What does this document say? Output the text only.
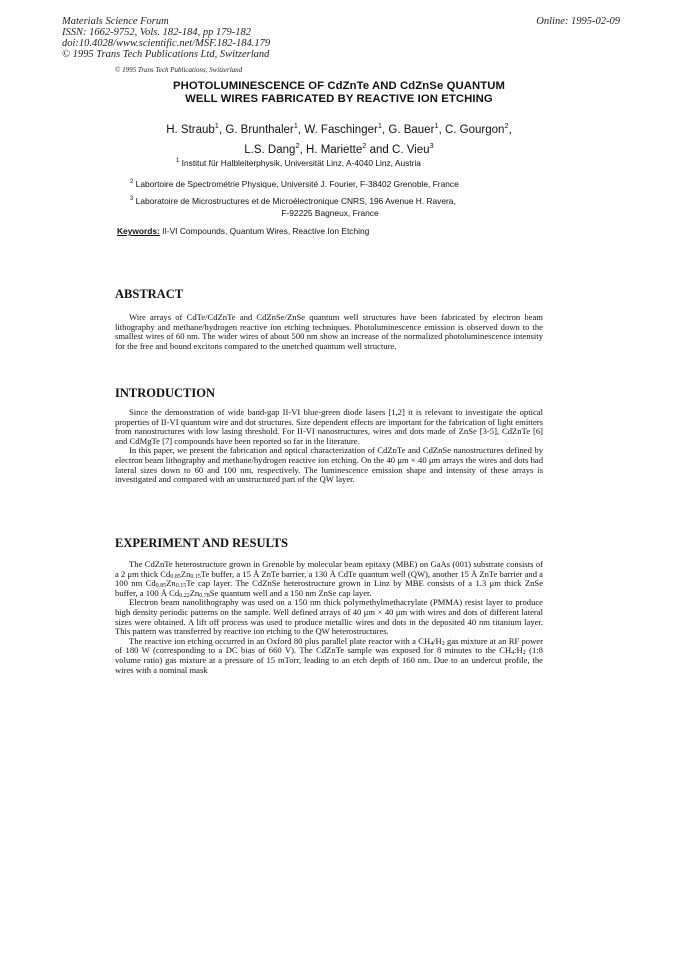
Materials Science Forum
ISSN: 1662-9752, Vols. 182-184, pp 179-182
doi:10.4028/www.scientific.net/MSF.182-184.179
© 1995 Trans Tech Publications Ltd, Switzerland
Online: 1995-02-09
© 1995 Trans Tech Publications, Switzerland
PHOTOLUMINESCENCE OF CdZnTe AND CdZnSe QUANTUM
WELL WIRES FABRICATED BY REACTIVE ION ETCHING
H. Straub$^1$, G. Brunthaler$^1$, W. Faschinger$^1$, G. Bauer$^1$, C. Gourgon$^2$,
L.S. Dang$^2$, H. Mariette$^2$ and C. Vieu$^3$
$^1$ Institut für Halbleiterphysik, Universität Linz, A-4040 Linz, Austria
$^2$ Labortoire de Spectrométrie Physique, Université J. Fourier, F-38402 Grenoble, France
$^3$ Laboratoire de Microstructures et de Microélectronique CNRS, 196 Avenue H. Ravera,
F-92225 Bagneux, France
Keywords: II-VI Compounds, Quantum Wires, Reactive Ion Etching
ABSTRACT

Wire arrays of CdTe/CdZnTe and CdZnSe/ZnSe quantum well structures have been fabricated by electron beam lithography and methane/hydrogen reactive ion etching techniques. Photoluminescence emission is observed down to the smallest wires of 60 nm. The wider wires of about 500 nm show an increase of the normalized photoluminescence intensity for the free and bound excitons compared to the unetched quantum well structure.

INTRODUCTION

Since the demonstration of wide band-gap II-VI blue-green diode lasers [1,2] it is relevant to investigate the optical properties of II-VI quantum wire and dot structures. Size dependent effects are important for the fabrication of light emitters from nanostructures with low lasing threshold. For II-VI nanostructures, wires and dots made of ZnSe [3-5], CdZnTe [6] and CdMgTe [7] compounds have been reported so far in the literature.

In this paper, we present the fabrication and optical characterization of CdZnTe and CdZnSe nanostructures defined by electron beam lithography and methane/hydrogen reactive ion etching. On the 40 μm × 40 μm arrays the wires and dots had lateral sizes down to 60 and 100 nm, respectively. The luminescence emission shape and intensity of these arrays is investigated and compared with an unstructured part of the QW layer.

EXPERIMENT AND RESULTS

The CdZnTe heterostructure grown in Grenoble by molecular beam epitaxy (MBE) on GaAs (001) substrate consists of a 2 μm thick $Cd_{0.85}Zn_{0.15}Te$ buffer, a 15 Å ZnTe barrier, a 130 Å CdTe quantum well (QW), another 15 Å ZnTe barrier and a 100 nm $Cd_{0.85}Zn_{0.15}Te$ cap layer. The CdZnSe heterostructure grown in Linz by MBE consists of a 1.3 μm thick ZnSe buffer, a 100 Å $Cd_{0.22}Zn_{0.78}Se$ quantum well and a 150 nm ZnSe cap layer.

Electron beam nanolithography was used on a 150 nm thick polymethylmethacrylate (PMMA) resist layer to produce high density periodic patterns on the sample. Well defined arrays of 40 μm × 40 μm with wires and dots of different lateral sizes were obtained. A lift off process was used to produce metallic wires and dots in the deposited 40 nm titanium layer. This pattern was transferred by reactive ion etching to the QW heterostructures.

The reactive ion etching occurred in an Oxford 80 plus parallel plate reactor with a $CH_4/H_2$ gas mixture at an RF power of 180 W (corresponding to a DC bias of 660 V). The CdZnTe sample was exposed for 8 minutes to the $CH_4:H_2$ (1:8 volume ratio) gas mixture at a pressure of 15 mTorr, leading to an etch depth of 160 nm. Due to an undercut profile, the wires with a nominal mask
